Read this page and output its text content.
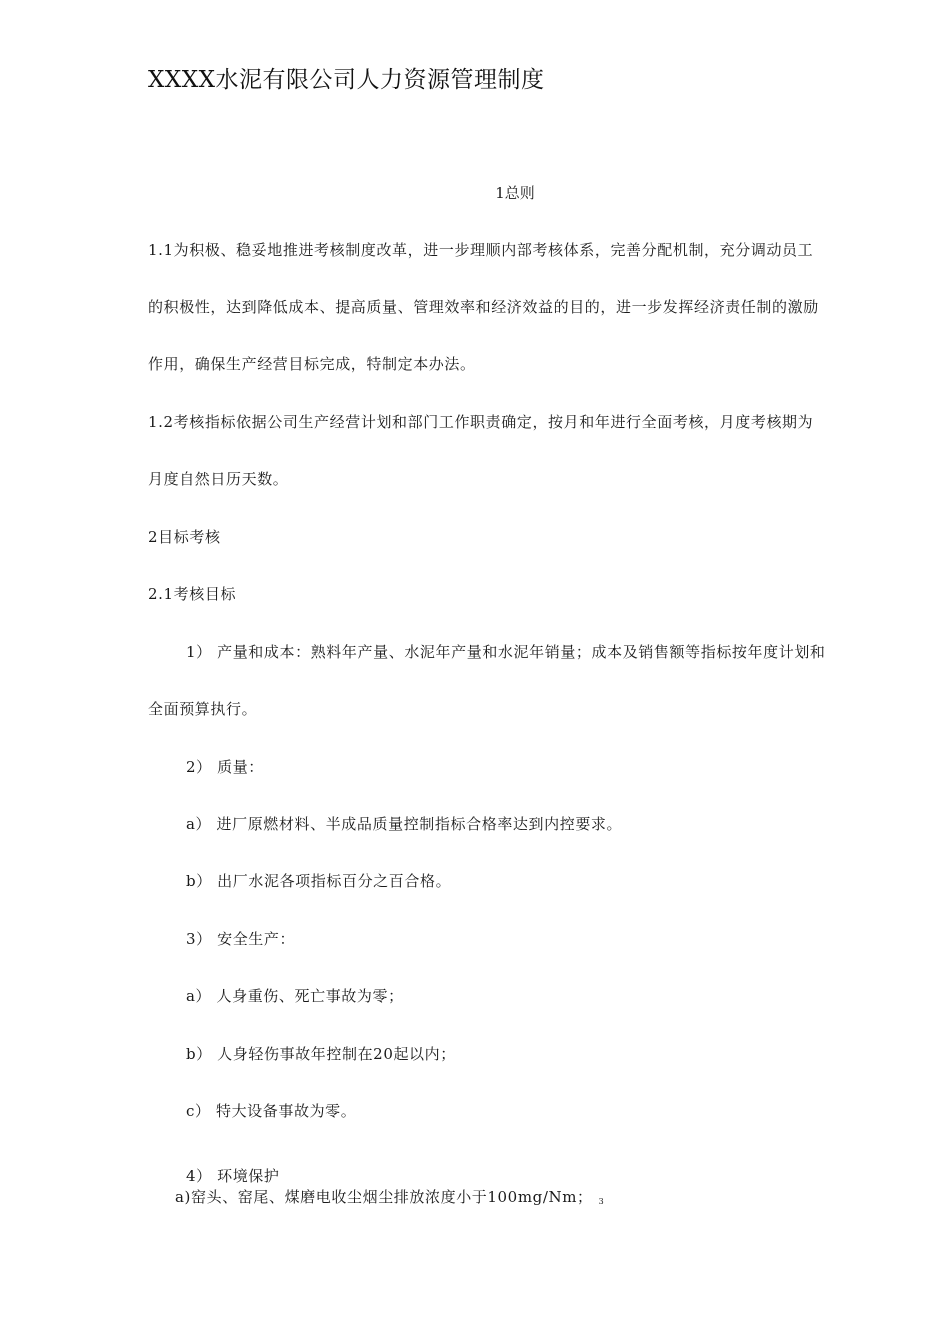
XXXX水泥有限公司人力资源管理制度
1总则
1.1为积极、稳妥地推进考核制度改革，进一步理顺内部考核体系，完善分配机制，充分调动员工
的积极性，达到降低成本、提高质量、管理效率和经济效益的目的，进一步发挥经济责任制的激励
作用，确保生产经营目标完成，特制定本办法。
1.2考核指标依据公司生产经营计划和部门工作职责确定，按月和年进行全面考核，月度考核期为
月度自然日历天数。
2目标考核
2.1考核目标
1） 产量和成本：熟料年产量、水泥年产量和水泥年销量；成本及销售额等指标按年度计划和
全面预算执行。
2） 质量：
a） 进厂原燃材料、半成品质量控制指标合格率达到内控要求。
b） 出厂水泥各项指标百分之百合格。
3） 安全生产：
a） 人身重伤、死亡事故为零；
b） 人身轻伤事故年控制在20起以内；
c） 特大设备事故为零。
4） 环境保护
a)窑头、窑尾、煤磨电收尘烟尘排放浓度小于100mg/Nm； $_3$
